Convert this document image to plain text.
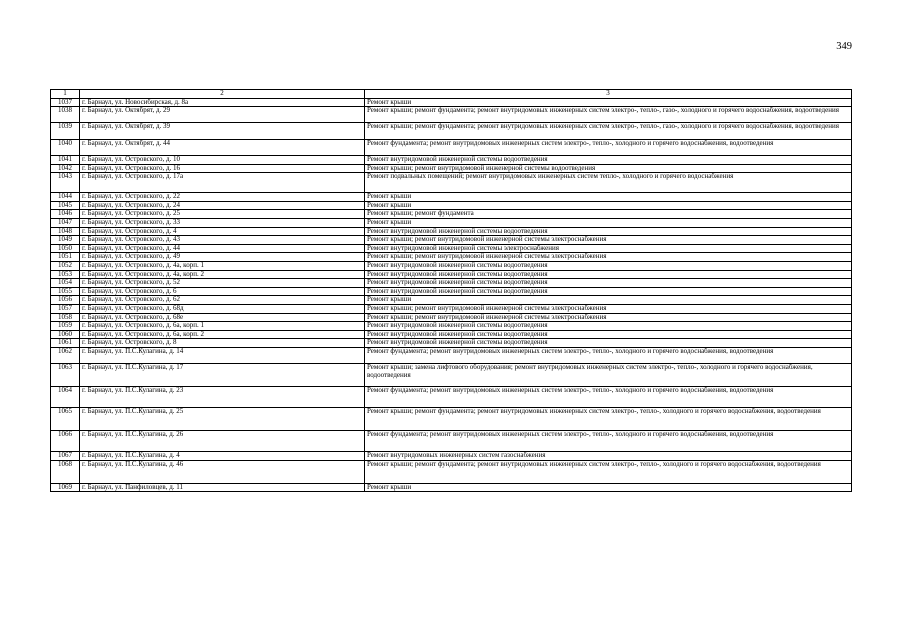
349
1	2	3
1037	г. Барнаул, ул. Новосибирская, д. 8а	Ремонт крыши
1038	г. Барнаул, ул. Октябрят, д. 29	Ремонт крыши; ремонт фундамента; ремонт внутридомовых инженерных систем электро-, тепло-, газо-, холодного и горячего водоснабжения, водоотведения
1039	г. Барнаул, ул. Октябрят, д. 39	Ремонт крыши; ремонт фундамента; ремонт внутридомовых инженерных систем электро-, тепло-, газо-, холодного и горячего водоснабжения, водоотведения
1040	г. Барнаул, ул. Октябрят, д. 44	Ремонт фундамента; ремонт внутридомовых инженерных систем электро-, тепло-, холодного и горячего водоснабжения, водоотведения
1041	г. Барнаул, ул. Островского, д. 10	Ремонт внутридомовой инженерной системы водоотведения
1042	г. Барнаул, ул. Островского, д. 16	Ремонт крыши; ремонт внутридомовой инженерной системы водоотведения
1043	г. Барнаул, ул. Островского, д. 17а	Ремонт подвальных помещений; ремонт внутридомовых инженерных систем тепло-, холодного и горячего водоснабжения
1044	г. Барнаул, ул. Островского, д. 22	Ремонт крыши
1045	г. Барнаул, ул. Островского, д. 24	Ремонт крыши
1046	г. Барнаул, ул. Островского, д. 25	Ремонт крыши; ремонт фундамента
1047	г. Барнаул, ул. Островского, д. 33	Ремонт крыши
1048	г. Барнаул, ул. Островского, д. 4	Ремонт внутридомовой инженерной системы водоотведения
1049	г. Барнаул, ул. Островского, д. 43	Ремонт крыши; ремонт внутридомовой инженерной системы электроснабжения
1050	г. Барнаул, ул. Островского, д. 44	Ремонт внутридомовой инженерной системы электроснабжения
1051	г. Барнаул, ул. Островского, д. 49	Ремонт крыши; ремонт внутридомовой инженерной системы электроснабжения
1052	г. Барнаул, ул. Островского, д. 4а, корп. 1	Ремонт внутридомовой инженерной системы водоотведения
1053	г. Барнаул, ул. Островского, д. 4а, корп. 2	Ремонт внутридомовой инженерной системы водоотведения
1054	г. Барнаул, ул. Островского, д. 52	Ремонт внутридомовой инженерной системы водоотведения
1055	г. Барнаул, ул. Островского, д. 6	Ремонт внутридомовой инженерной системы водоотведения
1056	г. Барнаул, ул. Островского, д. 62	Ремонт крыши
1057	г. Барнаул, ул. Островского, д. 68д	Ремонт крыши; ремонт внутридомовой инженерной системы электроснабжения
1058	г. Барнаул, ул. Островского, д. 68е	Ремонт крыши; ремонт внутридомовой инженерной системы электроснабжения
1059	г. Барнаул, ул. Островского, д. 6а, корп. 1	Ремонт внутридомовой инженерной системы водоотведения
1060	г. Барнаул, ул. Островского, д. 6а, корп. 2	Ремонт внутридомовой инженерной системы водоотведения
1061	г. Барнаул, ул. Островского, д. 8	Ремонт внутридомовой инженерной системы водоотведения
1062	г. Барнаул, ул. П.С.Кулагина, д. 14	Ремонт фундамента; ремонт внутридомовых инженерных систем электро-, тепло-, холодного и горячего водоснабжения, водоотведения
1063	г. Барнаул, ул. П.С.Кулагина, д. 17	Ремонт крыши; замена лифтового оборудования; ремонт внутридомовых инженерных систем электро-, тепло-, холодного и горячего водоснабжения, водоотведения
1064	г. Барнаул, ул. П.С.Кулагина, д. 23	Ремонт фундамента; ремонт внутридомовых инженерных систем электро-, тепло-, холодного и горячего водоснабжения, водоотведения
1065	г. Барнаул, ул. П.С.Кулагина, д. 25	Ремонт крыши; ремонт фундамента; ремонт внутридомовых инженерных систем электро-, тепло-, холодного и горячего водоснабжения, водоотведения
1066	г. Барнаул, ул. П.С.Кулагина, д. 26	Ремонт фундамента; ремонт внутридомовых инженерных систем электро-, тепло-, холодного и горячего водоснабжения, водоотведения
1067	г. Барнаул, ул. П.С.Кулагина, д. 4	Ремонт внутридомовых инженерных систем газоснабжения
1068	г. Барнаул, ул. П.С.Кулагина, д. 46	Ремонт крыши; ремонт фундамента; ремонт внутридомовых инженерных систем электро-, тепло-, холодного и горячего водоснабжения, водоотведения
1069	г. Барнаул, ул. Панфиловцев, д. 11	Ремонт крыши
